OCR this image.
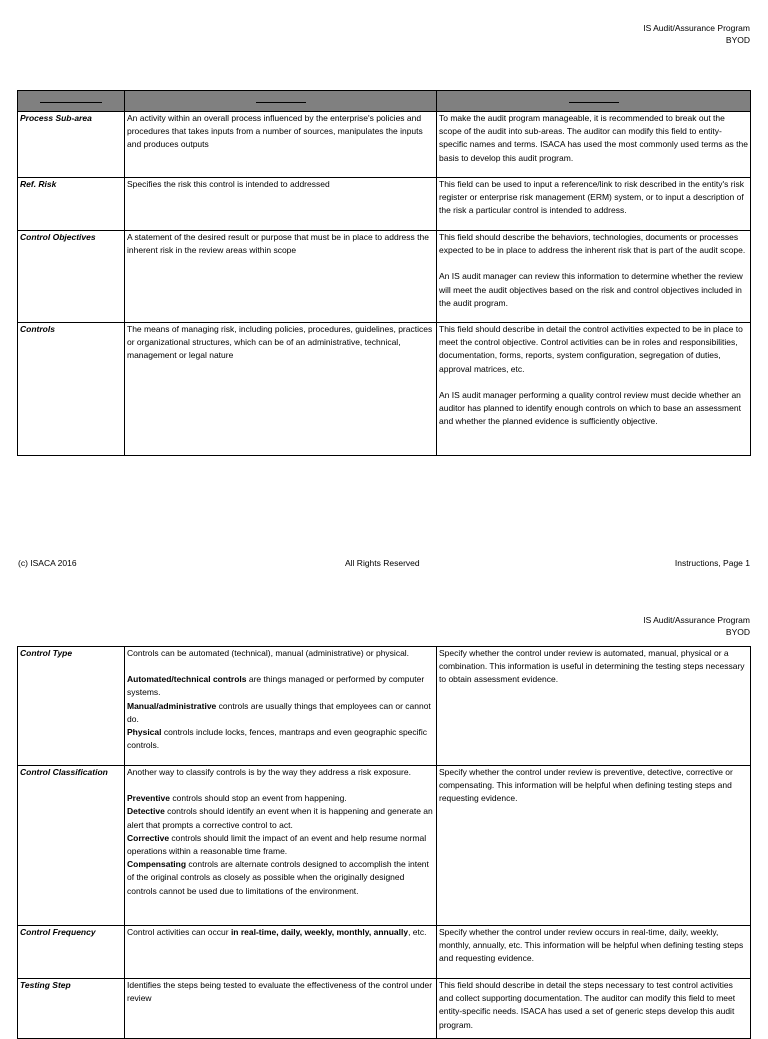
IS Audit/Assurance Program
BYOD

Process Sub-area	An activity within an overall process influenced by the enterprise's policies and procedures that takes inputs from a number of sources, manipulates the inputs and produces outputs	To make the audit program manageable, it is recommended to break out the scope of the audit into sub-areas. The auditor can modify this field to entity-specific names and terms. ISACA has used the most commonly used terms as the basis to develop this audit program.

Ref. Risk	Specifies the risk this control is intended to addressed	This field can be used to input a reference/link to risk described in the entity's risk register or enterprise risk management (ERM) system, or to input a description of the risk a particular control is intended to address.

Control Objectives	A statement of the desired result or purpose that must be in place to address the inherent risk in the review areas within scope	This field should describe the behaviors, technologies, documents or processes expected to be in place to address the inherent risk that is part of the audit scope.

An IS audit manager can review this information to determine whether the review will meet the audit objectives based on the risk and control objectives included in the audit program.

Controls	The means of managing risk, including policies, procedures, guidelines, practices or organizational structures, which can be of an administrative, technical, management or legal nature	This field should describe in detail the control activities expected to be in place to meet the control objective. Control activities can be in roles and responsibilities, documentation, forms, reports, system configuration, segregation of duties, approval matrices, etc.

An IS audit manager performing a quality control review must decide whether an auditor has planned to identify enough controls on which to base an assessment and whether the planned evidence is sufficiently objective.

(c) ISACA 2016	All Rights Reserved	Instructions, Page 1
IS Audit/Assurance Program
BYOD
Control Type	Controls can be automated (technical), manual (administrative) or physical.

Automated/technical controls are things managed or performed by computer systems.
Manual/administrative controls are usually things that employees can or cannot do.
Physical controls include locks, fences, mantraps and even geographic specific controls.	Specify whether the control under review is automated, manual, physical or a combination. This information is useful in determining the testing steps necessary to obtain assessment evidence.
Control Classification	Another way to classify controls is by the way they address a risk exposure.

Preventive controls should stop an event from happening.
Detective controls should identify an event when it is happening and generate an alert that prompts a corrective control to act.
Corrective controls should limit the impact of an event and help resume normal operations within a reasonable time frame.
Compensating controls are alternate controls designed to accomplish the intent of the original controls as closely as possible when the originally designed controls cannot be used due to limitations of the environment.	Specify whether the control under review is preventive, detective, corrective or compensating. This information will be helpful when defining testing steps and requesting evidence.
Control Frequency	Control activities can occur in real-time, daily, weekly, monthly, annually, etc.	Specify whether the control under review occurs in real-time, daily, weekly, monthly, annually, etc. This information will be helpful when defining testing steps and requesting evidence.
Testing Step	Identifies the steps being tested to evaluate the effectiveness of the control under review	This field should describe in detail the steps necessary to test control activities and collect supporting documentation. The auditor can modify this field to meet entity-specific needs. ISACA has used a set of generic steps develop this audit program.
